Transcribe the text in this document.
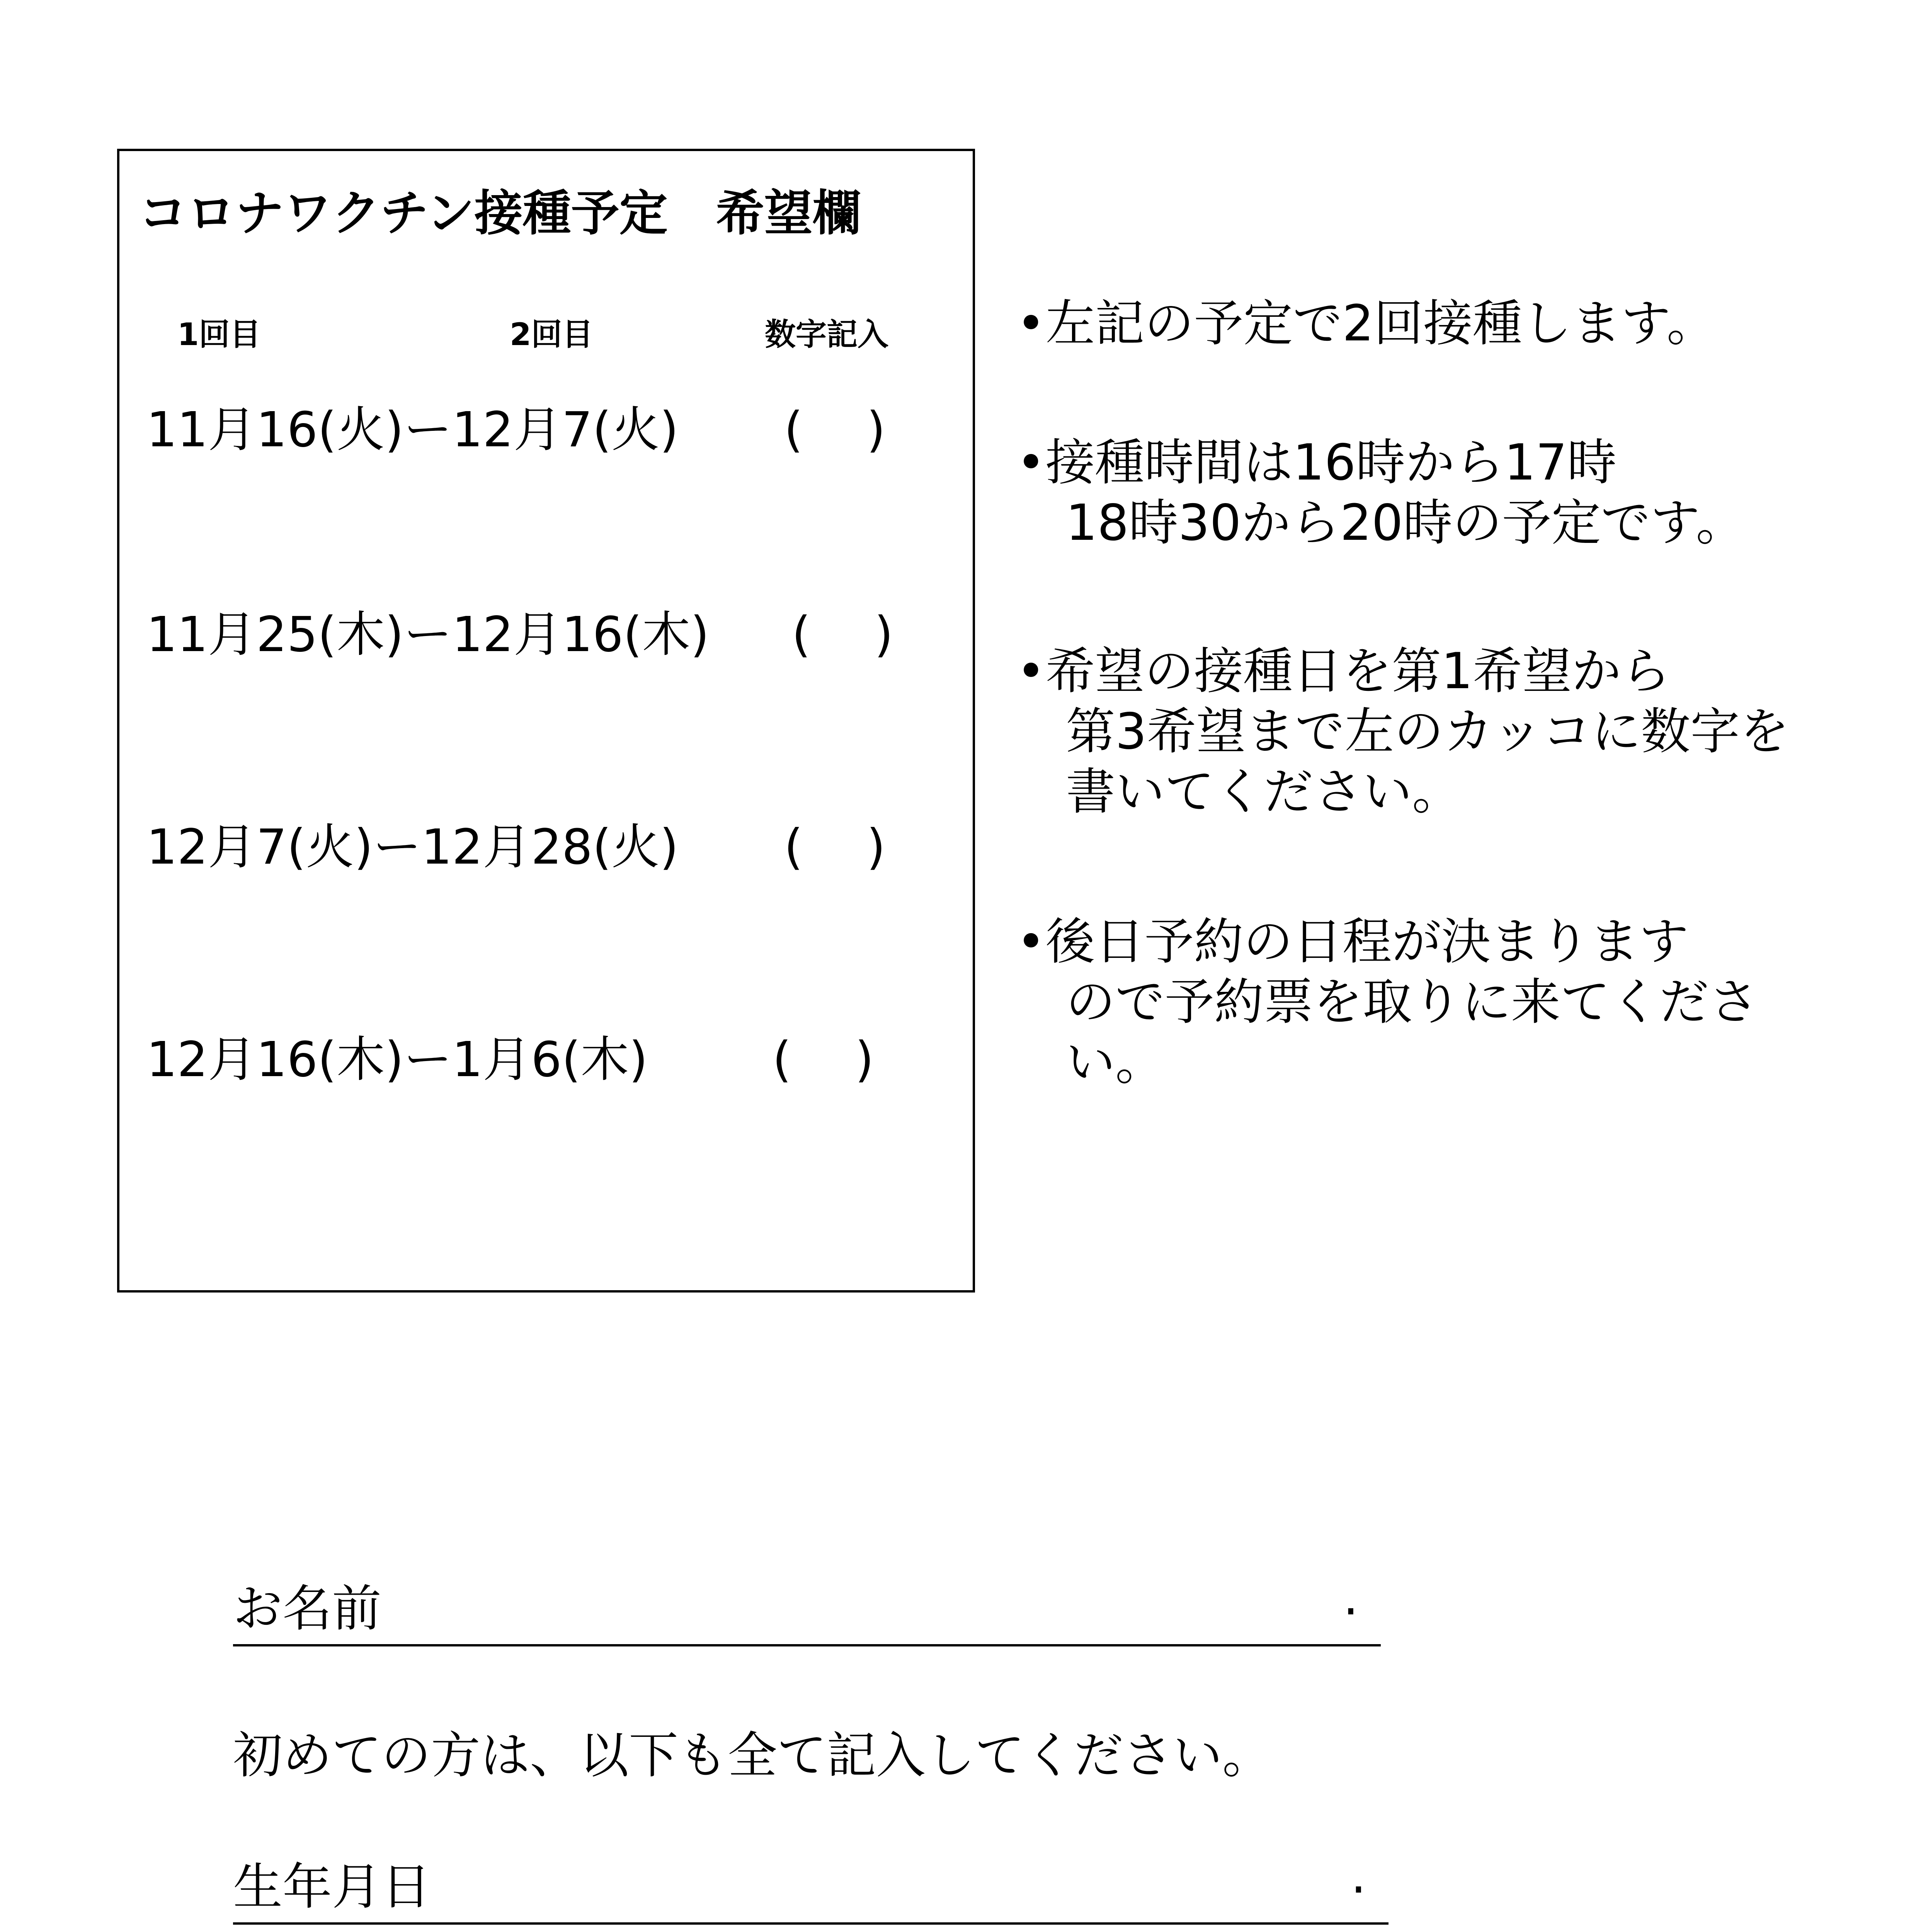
コロナワクチン接種予定　希望欄
1回目	2回目	数字記入
11月16(火)ー12月7(火) (　 )
11月25(木)ー12月16(木) (　 )
12月7(火)ー12月28(火) (　 )
12月16(木)ー1月6(木)	(　 )
•左記の予定で2回接種します。
•接種時間は16時から17時
　18時30から20時の予定です。
•希望の接種日を第1希望から
　第3希望まで左のカッコに数字を
　書いてください。
•後日予約の日程が決まります
　ので予約票を取りに来てくださ
　い。
お名前	.
初めての方は、以下も全て記入してください。
生年月日	.
